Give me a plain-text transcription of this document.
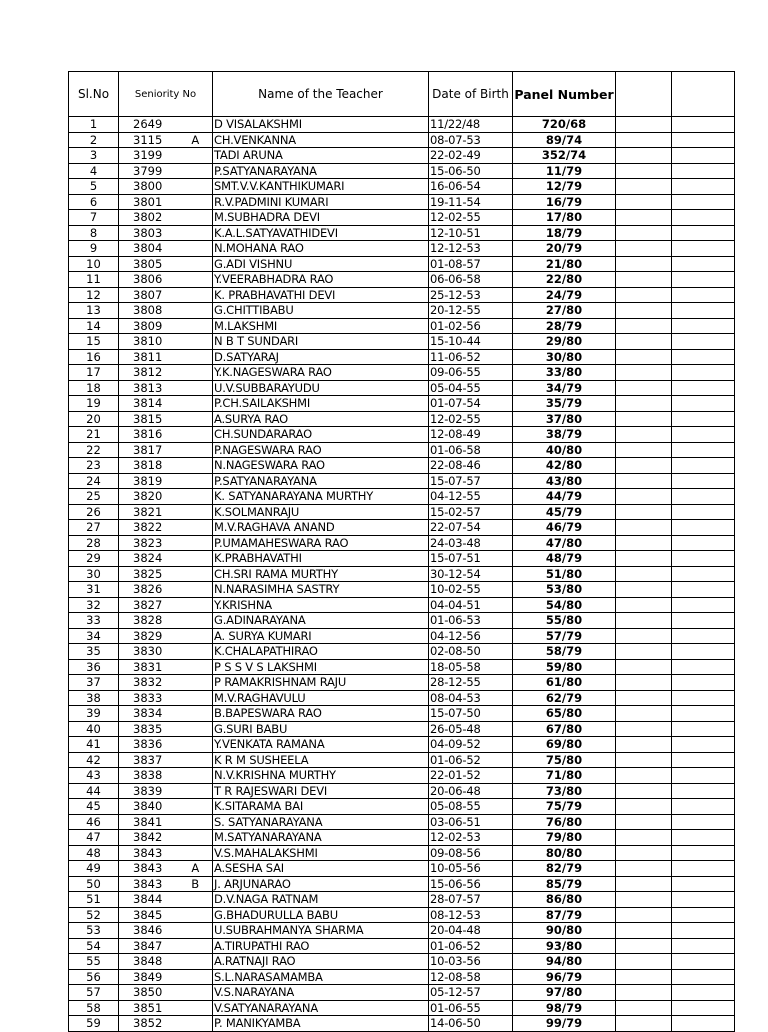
Sl.No	Seniority No		Name of the Teacher	Date of Birth	Panel Number		
1	2649		D VISALAKSHMI	11/22/48	720/68		
2	3115	A	CH.VENKANNA	08-07-53	89/74		
3	3199		TADI ARUNA	22-02-49	352/74		
4	3799		P.SATYANARAYANA	15-06-50	11/79		
5	3800		SMT.V.V.KANTHIKUMARI	16-06-54	12/79		
6	3801		R.V.PADMINI KUMARI	19-11-54	16/79		
7	3802		M.SUBHADRA DEVI	12-02-55	17/80		
8	3803		K.A.L.SATYAVATHIDEVI	12-10-51	18/79		
9	3804		N.MOHANA RAO	12-12-53	20/79		
10	3805		G.ADI VISHNU	01-08-57	21/80		
11	3806		Y.VEERABHADRA RAO	06-06-58	22/80		
12	3807		K. PRABHAVATHI DEVI	25-12-53	24/79		
13	3808		G.CHITTIBABU	20-12-55	27/80		
14	3809		M.LAKSHMI	01-02-56	28/79		
15	3810		N B T SUNDARI	15-10-44	29/80		
16	3811		D.SATYARAJ	11-06-52	30/80		
17	3812		Y.K.NAGESWARA RAO	09-06-55	33/80		
18	3813		U.V.SUBBARAYUDU	05-04-55	34/79		
19	3814		P.CH.SAILAKSHMI	01-07-54	35/79		
20	3815		A.SURYA RAO	12-02-55	37/80		
21	3816		CH.SUNDARARAO	12-08-49	38/79		
22	3817		P.NAGESWARA RAO	01-06-58	40/80		
23	3818		N.NAGESWARA RAO	22-08-46	42/80		
24	3819		P.SATYANARAYANA	15-07-57	43/80		
25	3820		K. SATYANARAYANA MURTHY	04-12-55	44/79		
26	3821		K.SOLMANRAJU	15-02-57	45/79		
27	3822		M.V.RAGHAVA ANAND	22-07-54	46/79		
28	3823		P.UMAMAHESWARA RAO	24-03-48	47/80		
29	3824		K.PRABHAVATHI	15-07-51	48/79		
30	3825		CH.SRI RAMA MURTHY	30-12-54	51/80		
31	3826		N.NARASIMHA SASTRY	10-02-55	53/80		
32	3827		Y.KRISHNA	04-04-51	54/80		
33	3828		G.ADINARAYANA	01-06-53	55/80		
34	3829		A. SURYA KUMARI	04-12-56	57/79		
35	3830		K.CHALAPATHIRAO	02-08-50	58/79		
36	3831		P S S V S LAKSHMI	18-05-58	59/80		
37	3832		P RAMAKRISHNAM RAJU	28-12-55	61/80		
38	3833		M.V.RAGHAVULU	08-04-53	62/79		
39	3834		B.BAPESWARA RAO	15-07-50	65/80		
40	3835		G.SURI BABU	26-05-48	67/80		
41	3836		Y.VENKATA RAMANA	04-09-52	69/80		
42	3837		K R M SUSHEELA	01-06-52	75/80		
43	3838		N.V.KRISHNA MURTHY	22-01-52	71/80		
44	3839		T R RAJESWARI DEVI	20-06-48	73/80		
45	3840		K.SITARAMA BAI	05-08-55	75/79		
46	3841		S. SATYANARAYANA	03-06-51	76/80		
47	3842		M.SATYANARAYANA	12-02-53	79/80		
48	3843		V.S.MAHALAKSHMI	09-08-56	80/80		
49	3843	A	A.SESHA SAI	10-05-56	82/79		
50	3843	B	J. ARJUNARAO	15-06-56	85/79		
51	3844		D.V.NAGA RATNAM	28-07-57	86/80		
52	3845		G.BHADURULLA BABU	08-12-53	87/79		
53	3846		U.SUBRAHMANYA SHARMA	20-04-48	90/80		
54	3847		A.TIRUPATHI RAO	01-06-52	93/80		
55	3848		A.RATNAJI RAO	10-03-56	94/80		
56	3849		S.L.NARASAMAMBA	12-08-58	96/79		
57	3850		V.S.NARAYANA	05-12-57	97/80		
58	3851		V.SATYANARAYANA	01-06-55	98/79		
59	3852		P. MANIKYAMBA	14-06-50	99/79		
